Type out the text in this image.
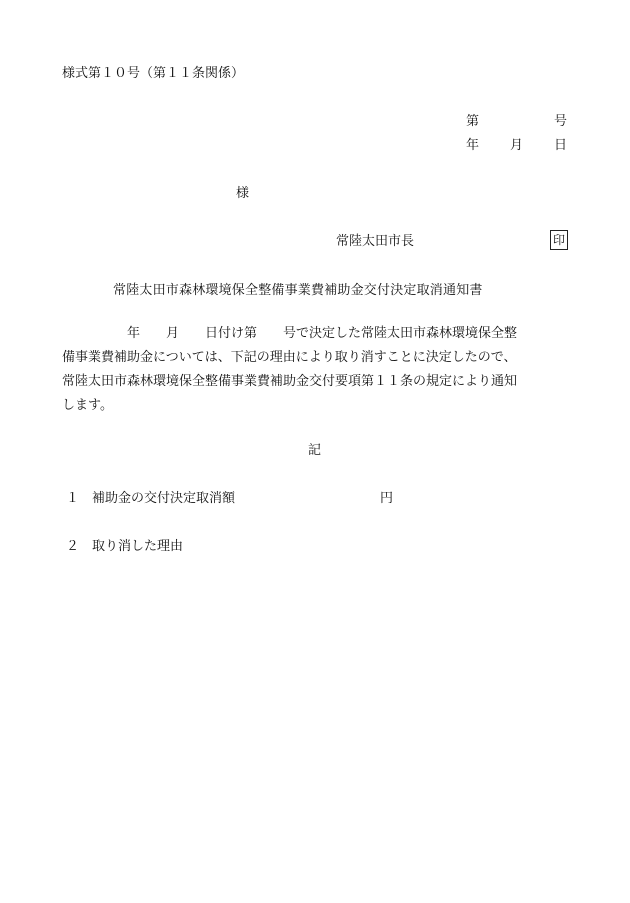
様式第１０号（第１１条関係）
第	号
年 月 日
様
常陸太田市長	印
常陸太田市森林環境保全整備事業費補助金交付決定取消通知書
　　　　　年　　月　　日付け第　　号で決定した常陸太田市森林環境保全整
備事業費補助金については、下記の理由により取り消すことに決定したので、
常陸太田市森林環境保全整備事業費補助金交付要項第１１条の規定により通知
します。
記
１ 補助金の交付決定取消額	円
２ 取り消した理由
